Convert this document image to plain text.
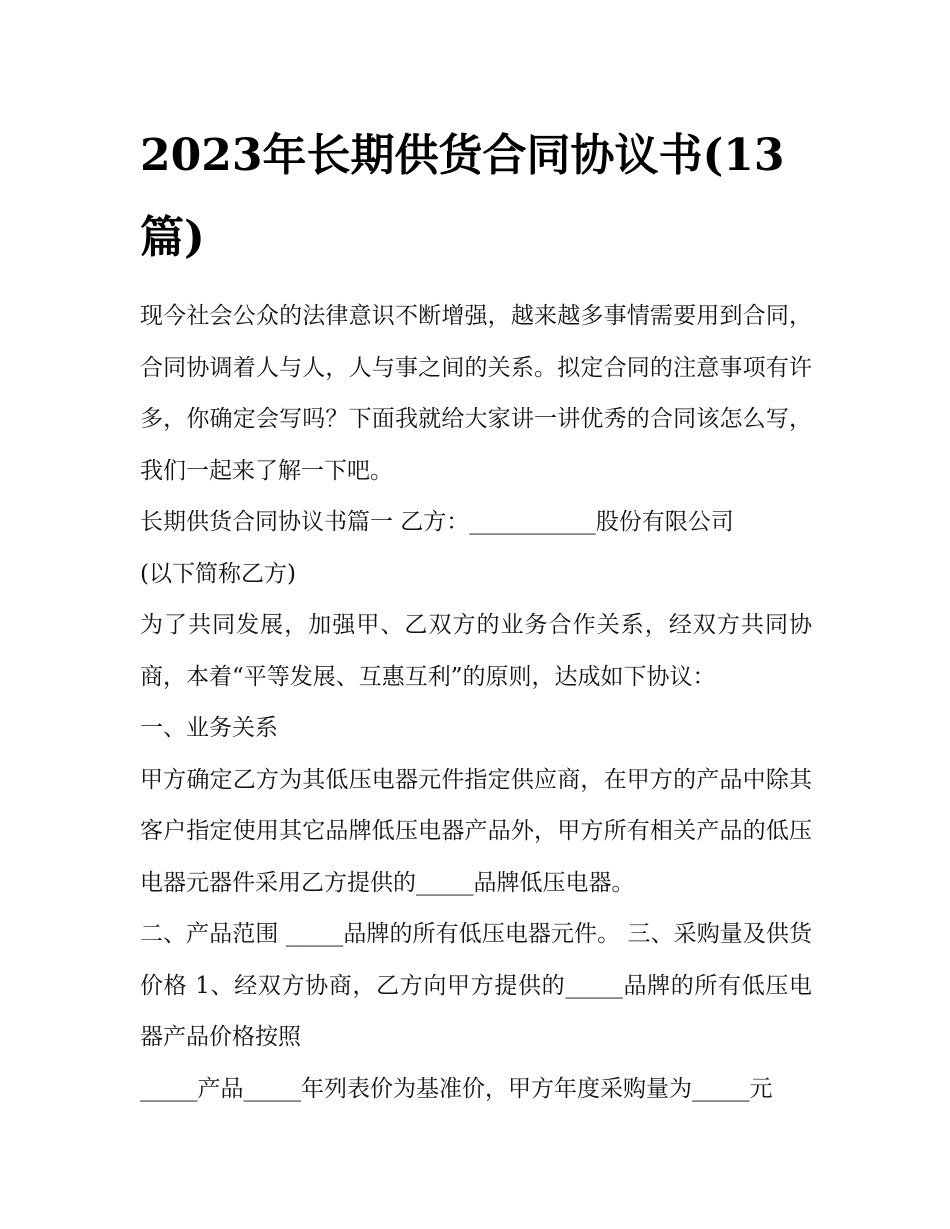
2023年长期供货合同协议书(13篇)

现今社会公众的法律意识不断增强，越来越多事情需要用到合同，合同协调着人与人，人与事之间的关系。拟定合同的注意事项有许多，你确定会写吗？下面我就给大家讲一讲优秀的合同该怎么写，我们一起来了解一下吧。

长期供货合同协议书篇一 乙方：___________股份有限公司

(以下简称乙方)

为了共同发展，加强甲、乙双方的业务合作关系，经双方共同协商，本着“平等发展、互惠互利”的原则，达成如下协议：

一、业务关系

甲方确定乙方为其低压电器元件指定供应商，在甲方的产品中除其客户指定使用其它品牌低压电器产品外，甲方所有相关产品的低压电器元器件采用乙方提供的_____品牌低压电器。

二、产品范围 _____品牌的所有低压电器元件。 三、采购量及供货价格 1、经双方协商，乙方向甲方提供的_____品牌的所有低压电器产品价格按照

_____产品_____年列表价为基准价，甲方年度采购量为_____元
